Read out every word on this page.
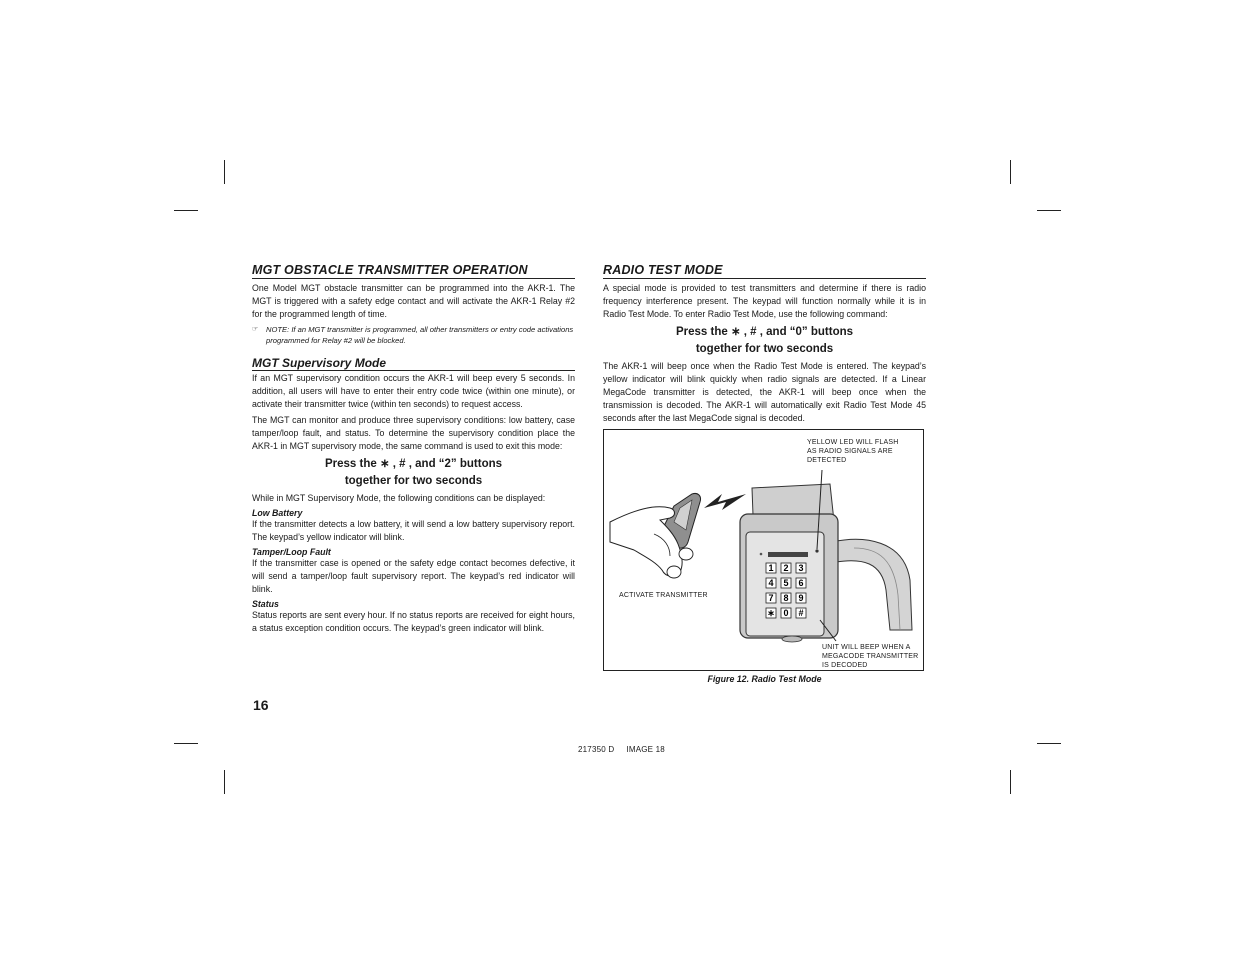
MGT OBSTACLE TRANSMITTER OPERATION

One Model MGT obstacle transmitter can be programmed into the AKR-1. The MGT is triggered with a safety edge contact and will activate the AKR-1 Relay #2 for the programmed length of time.

☞ NOTE: If an MGT transmitter is programmed, all other transmitters or entry code activations programmed for Relay #2 will be blocked.
MGT Supervisory Mode

If an MGT supervisory condition occurs the AKR-1 will beep every 5 seconds. In addition, all users will have to enter their entry code twice (within one minute), or activate their transmitter twice (within ten seconds) to request access.

The MGT can monitor and produce three supervisory conditions: low battery, case tamper/loop fault, and status. To determine the supervisory condition place the AKR-1 in MGT supervisory mode, the same command is used to exit this mode:

Press the ∗ , # , and “2” buttons
together for two seconds

While in MGT Supervisory Mode, the following conditions can be displayed:

Low Battery

If the transmitter detects a low battery, it will send a low battery supervisory report. The keypad’s yellow indicator will blink.

Tamper/Loop Fault

If the transmitter case is opened or the safety edge contact becomes defective, it will send a tamper/loop fault supervisory report. The keypad’s red indicator will blink.

Status

Status reports are sent every hour. If no status reports are received for eight hours, a status exception condition occurs. The keypad’s green indicator will blink.

RADIO TEST MODE

A special mode is provided to test transmitters and determine if there is radio frequency interference present. The keypad will function normally while it is in Radio Test Mode. To enter Radio Test Mode, use the following command:

Press the ∗ , # , and “0” buttons
together for two seconds

The AKR-1 will beep once when the Radio Test Mode is entered. The keypad’s yellow indicator will blink quickly when radio signals are detected. If a Linear MegaCode transmitter is detected, the AKR-1 will beep once when the transmission is decoded. The AKR-1 will automatically exit Radio Test Mode 45 seconds after the last MegaCode signal is decoded.

1 2 3
4 5 6
7 8 9
∗ 0 #
YELLOW LED WILL FLASH AS RADIO SIGNALS ARE DETECTED
ACTIVATE TRANSMITTER
UNIT WILL BEEP WHEN A MEGACODE TRANSMITTER IS DECODED
Figure 12. Radio Test Mode
16
217350 D     IMAGE 18
